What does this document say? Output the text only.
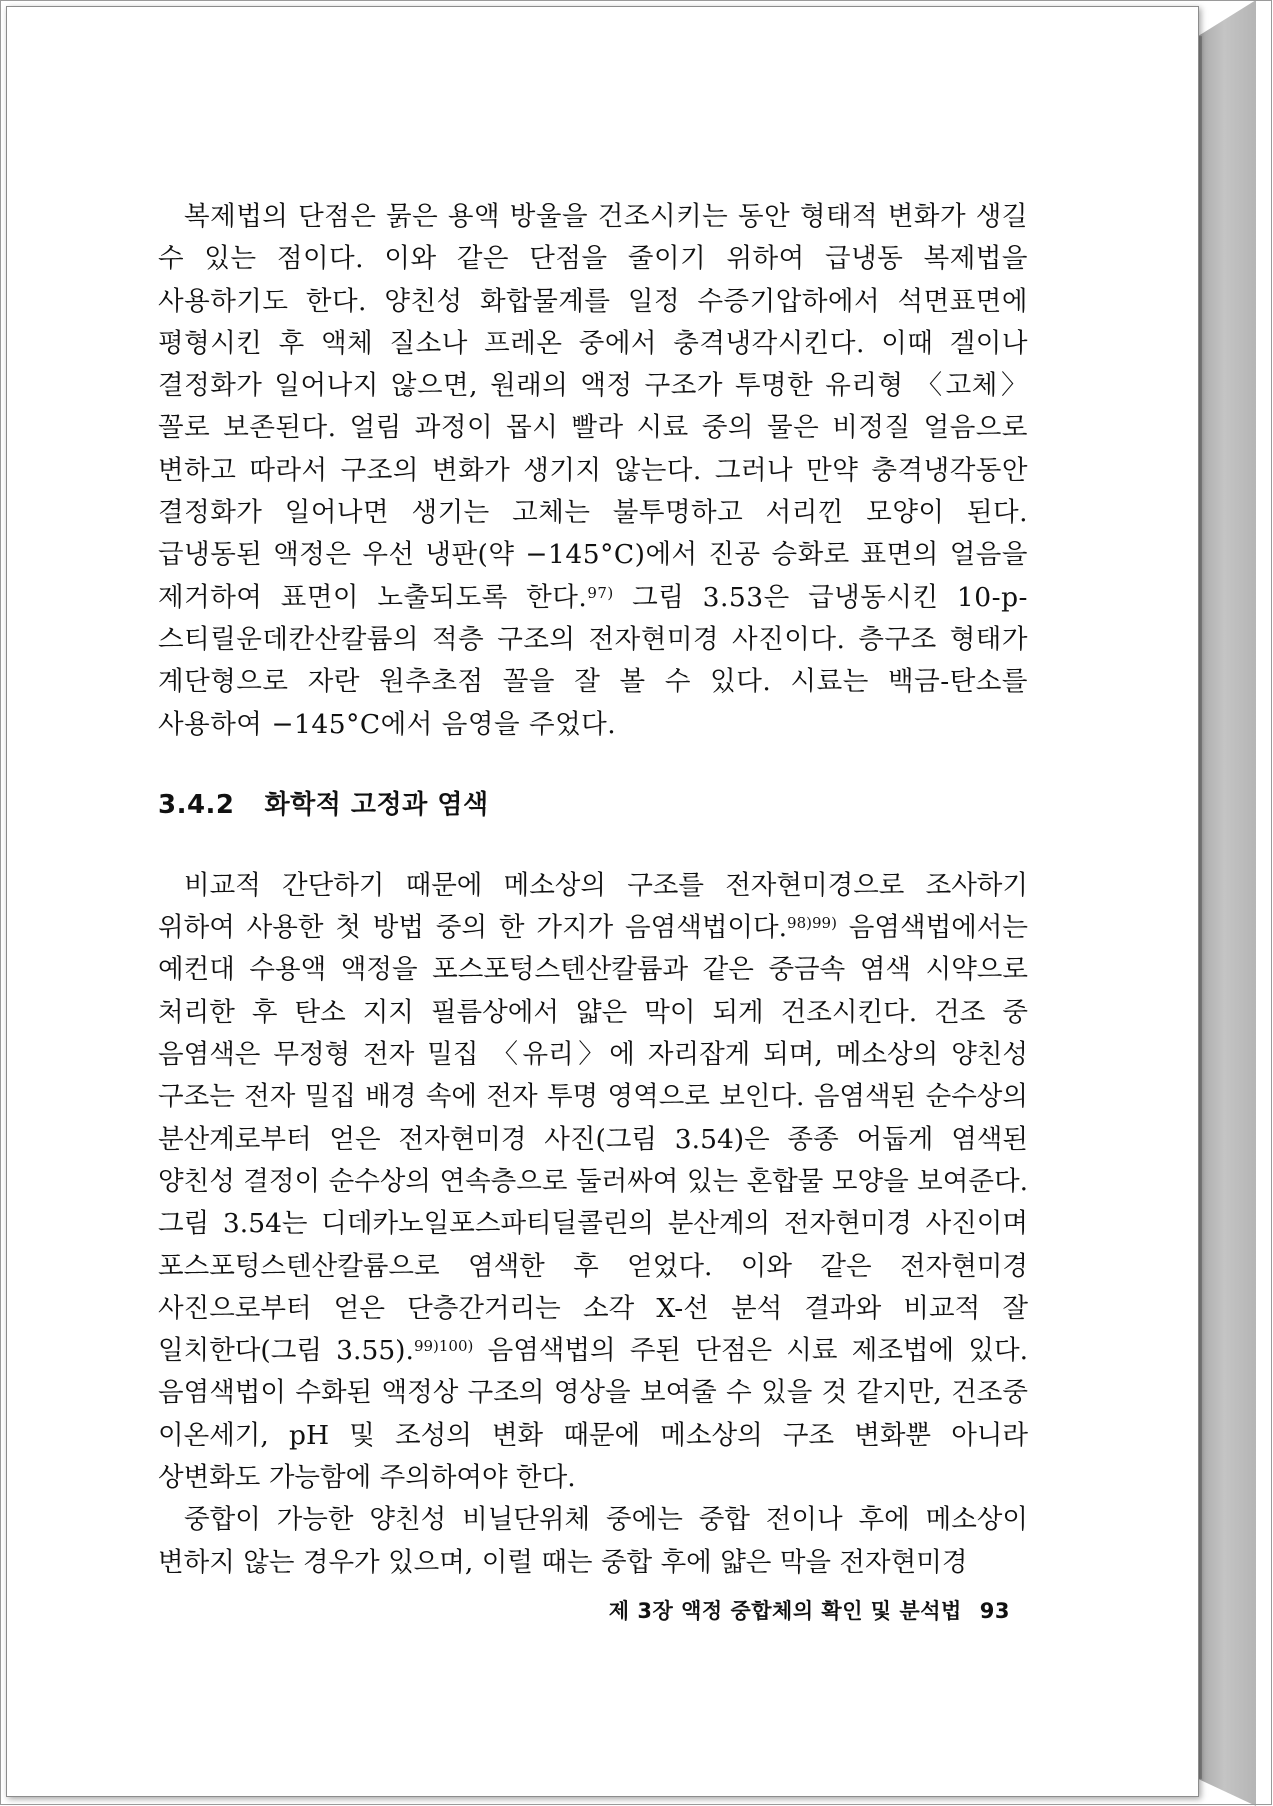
복제법의 단점은 묽은 용액 방울을 건조시키는 동안 형태적 변화가 생길 수 있는 점이다. 이와 같은 단점을 줄이기 위하여 급냉동 복제법을 사용하기도 한다. 양친성 화합물계를 일정 수증기압하에서 석면표면에 평형시킨 후 액체 질소나 프레온 중에서 충격냉각시킨다. 이때 겔이나 결정화가 일어나지 않으면, 원래의 액정 구조가 투명한 유리형 〈고체〉꼴로 보존된다. 얼림 과정이 몹시 빨라 시료 중의 물은 비정질 얼음으로 변하고 따라서 구조의 변화가 생기지 않는다. 그러나 만약 충격냉각동안 결정화가 일어나면 생기는 고체는 불투명하고 서리낀 모양이 된다. 급냉동된 액정은 우선 냉판(약 −145°C)에서 진공 승화로 표면의 얼음을 제거하여 표면이 노출되도록 한다.$^{97)}$ 그림 3.53은 급냉동시킨 10-p-스티릴운데칸산칼륨의 적층 구조의 전자현미경 사진이다. 층구조 형태가 계단형으로 자란 원추초점 꼴을 잘 볼 수 있다. 시료는 백금-탄소를 사용하여 −145°C에서 음영을 주었다.

3.4.2 화학적 고정과 염색

비교적 간단하기 때문에 메소상의 구조를 전자현미경으로 조사하기 위하여 사용한 첫 방법 중의 한 가지가 음염색법이다.$^{98)99)}$ 음염색법에서는 예컨대 수용액 액정을 포스포텅스텐산칼륨과 같은 중금속 염색 시약으로 처리한 후 탄소 지지 필름상에서 얇은 막이 되게 건조시킨다. 건조 중 음염색은 무정형 전자 밀집 〈유리〉에 자리잡게 되며, 메소상의 양친성 구조는 전자 밀집 배경 속에 전자 투명 영역으로 보인다. 음염색된 순수상의 분산계로부터 얻은 전자현미경 사진(그림 3.54)은 종종 어둡게 염색된 양친성 결정이 순수상의 연속층으로 둘러싸여 있는 혼합물 모양을 보여준다. 그림 3.54는 디데카노일포스파티딜콜린의 분산계의 전자현미경 사진이며 포스포텅스텐산칼륨으로 염색한 후 얻었다. 이와 같은 전자현미경 사진으로부터 얻은 단층간거리는 소각 X-선 분석 결과와 비교적 잘 일치한다(그림 3.55).$^{99)100)}$ 음염색법의 주된 단점은 시료 제조법에 있다. 음염색법이 수화된 액정상 구조의 영상을 보여줄 수 있을 것 같지만, 건조중 이온세기, pH 및 조성의 변화 때문에 메소상의 구조 변화뿐 아니라 상변화도 가능함에 주의하여야 한다.

중합이 가능한 양친성 비닐단위체 중에는 중합 전이나 후에 메소상이 변하지 않는 경우가 있으며, 이럴 때는 중합 후에 얇은 막을 전자현미경

제 3장 액정 중합체의 확인 및 분석법 93
